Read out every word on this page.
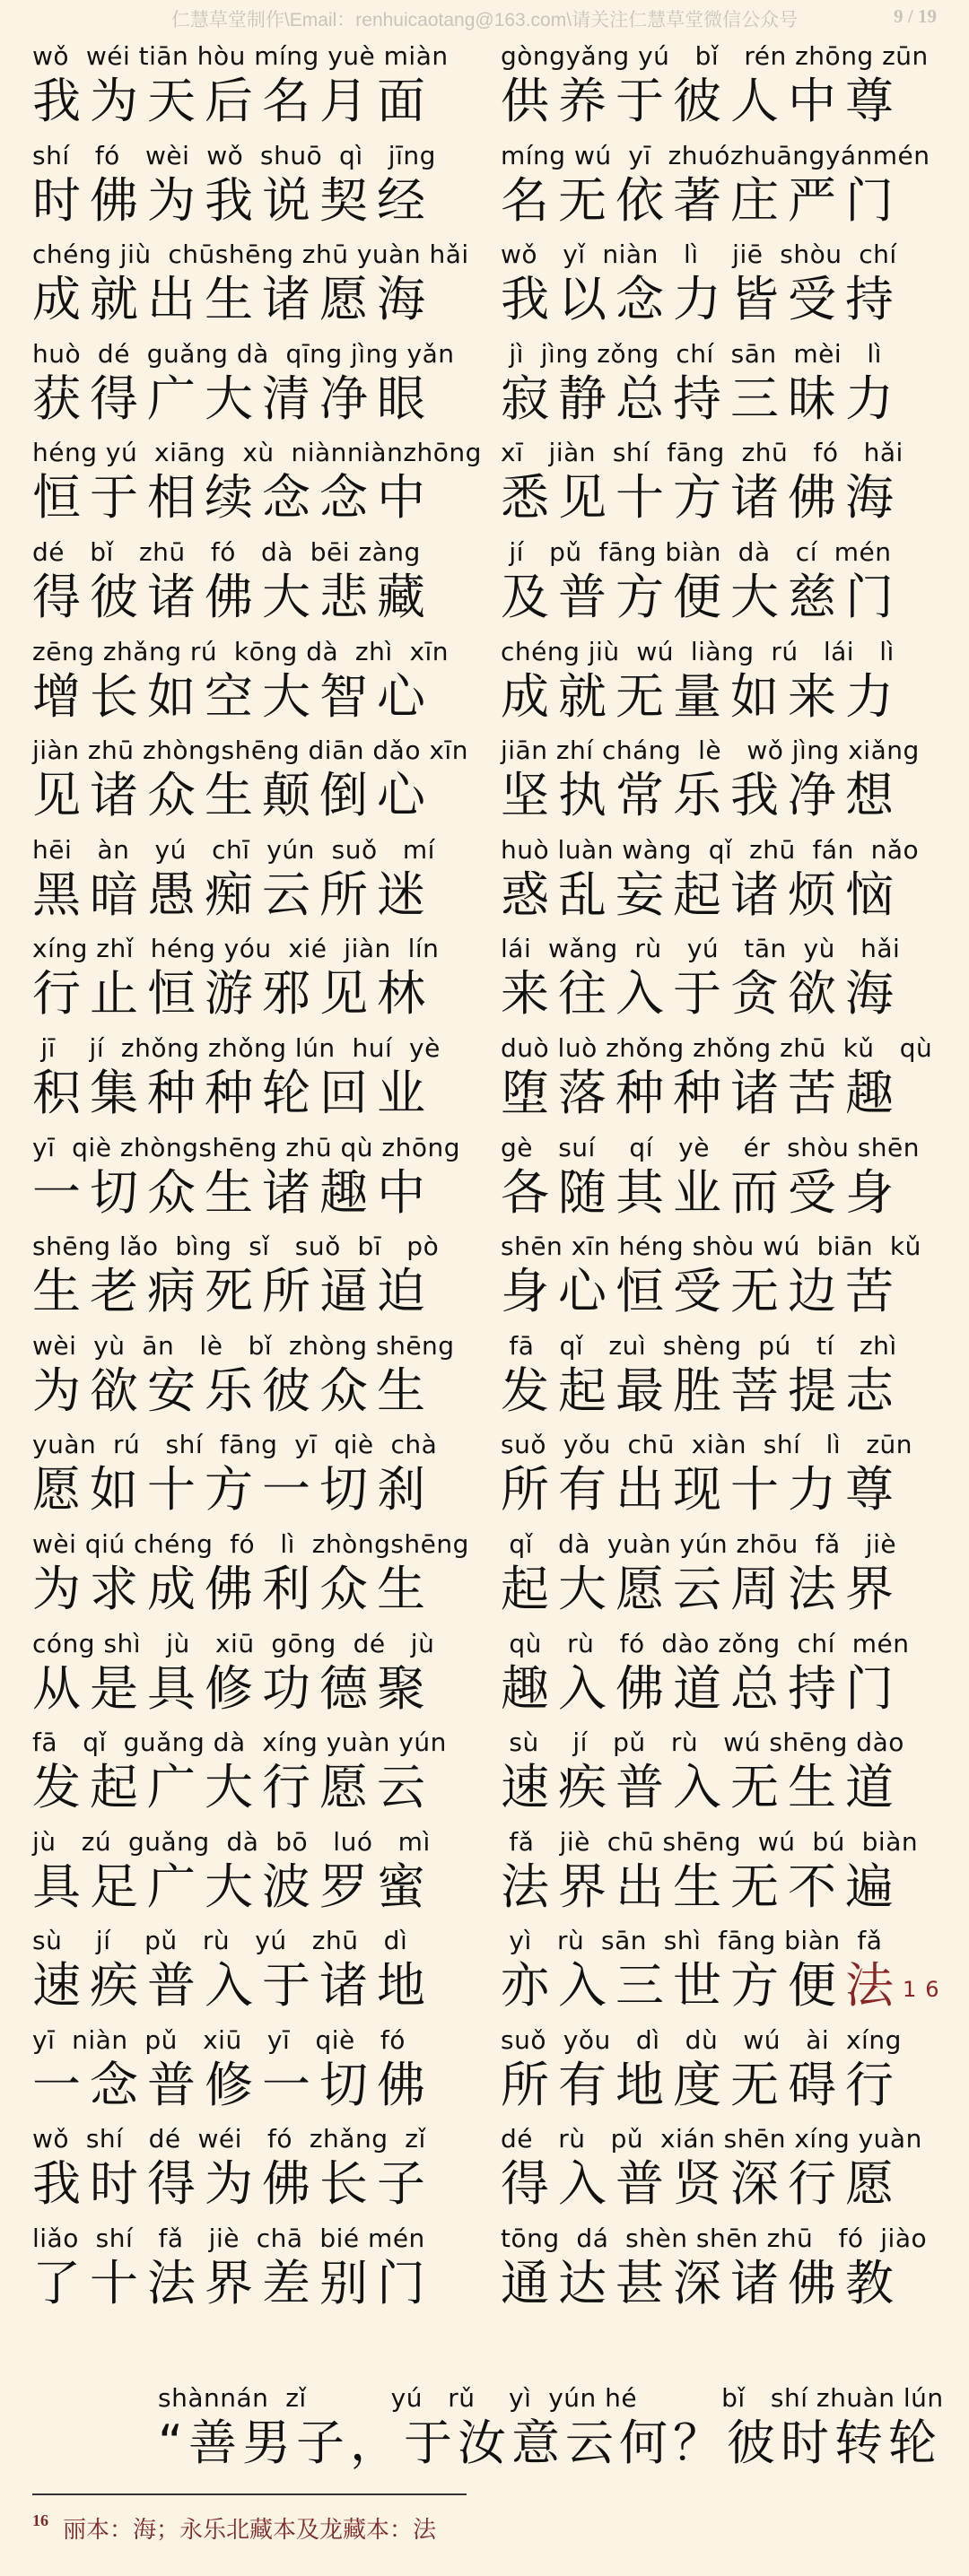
仁慧草堂制作\Email：renhuicaotang@163.com\请关注仁慧草堂微信公众号	9 / 19
wǒ  wéi tiān hòu míng yuè miàn
我为天后名月面
shí   fó   wèi  wǒ  shuō  qì   jīng
时佛为我说契经
chéng jiù  chūshēng zhū yuàn hǎi
成就出生诸愿海
huò  dé  guǎng dà  qīng jìng yǎn
获得广大清净眼
héng yú  xiāng  xù  niànniànzhōng
恒于相续念念中
dé   bǐ   zhū   fó   dà  bēi zàng
得彼诸佛大悲藏
zēng zhǎng rú  kōng dà  zhì  xīn
增长如空大智心
jiàn zhū zhòngshēng diān dǎo xīn
见诸众生颠倒心
hēi   àn   yú   chī  yún  suǒ   mí
黑暗愚痴云所迷
xíng zhǐ  héng yóu  xié  jiàn  lín
行止恒游邪见林
jī    jí  zhǒng zhǒng lún  huí  yè
积集种种轮回业
yī  qiè zhòngshēng zhū qù zhōng
一切众生诸趣中
shēng lǎo  bìng  sǐ   suǒ  bī   pò
生老病死所逼迫
wèi  yù  ān   lè   bǐ  zhòng shēng
为欲安乐彼众生
yuàn  rú   shí  fāng  yī  qiè  chà
愿如十方一切刹
wèi qiú chéng  fó   lì  zhòngshēng
为求成佛利众生
cóng shì   jù   xiū  gōng  dé   jù
从是具修功德聚
fā   qǐ  guǎng dà  xíng yuàn yún
发起广大行愿云
jù   zú  guǎng  dà  bō   luó   mì
具足广大波罗蜜
sù    jí    pǔ   rù   yú   zhū   dì
速疾普入于诸地
yī  niàn  pǔ   xiū   yī   qiè   fó
一念普修一切佛
wǒ  shí   dé  wéi   fó  zhǎng  zǐ
我时得为佛长子
liǎo  shí   fǎ   jiè  chā  bié mén
了十法界差别门
gòngyǎng yú   bǐ   rén zhōng zūn
供养于彼人中尊
míng wú  yī  zhuózhuāngyánmén
名无依著庄严门
wǒ   yǐ  niàn   lì    jiē  shòu  chí
我以念力皆受持
jì  jìng zǒng  chí  sān  mèi   lì
寂静总持三昧力
xī   jiàn  shí  fāng  zhū   fó   hǎi
悉见十方诸佛海
jí   pǔ  fāng biàn  dà   cí  mén
及普方便大慈门
chéng jiù  wú  liàng  rú   lái   lì
成就无量如来力
jiān zhí cháng  lè   wǒ jìng xiǎng
坚执常乐我净想
huò luàn wàng  qǐ  zhū  fán  nǎo
惑乱妄起诸烦恼
lái  wǎng  rù   yú   tān  yù   hǎi
来往入于贪欲海
duò luò zhǒng zhǒng zhū  kǔ   qù
堕落种种诸苦趣
gè   suí    qí   yè    ér  shòu shēn
各随其业而受身
shēn xīn héng shòu wú  biān  kǔ
身心恒受无边苦
fā   qǐ   zuì  shèng  pú   tí   zhì
发起最胜菩提志
suǒ  yǒu  chū  xiàn  shí   lì   zūn
所有出现十力尊
qǐ   dà  yuàn yún zhōu  fǎ   jiè
起大愿云周法界
qù   rù   fó  dào zǒng  chí  mén
趣入佛道总持门
sù    jí   pǔ   rù   wú shēng dào
速疾普入无生道
fǎ   jiè  chū shēng  wú  bú  biàn
法界出生无不遍
yì   rù  sān  shì  fāng biàn  fǎ
亦入三世方便法$^{16}$
suǒ  yǒu   dì   dù   wú   ài  xíng
所有地度无碍行
dé   rù   pǔ  xián shēn xíng yuàn
得入普贤深行愿
tōng  dá  shèn shēn zhū   fó  jiào
通达甚深诸佛教
shànnán  zǐ          yú   rǔ    yì  yún hé          bǐ   shí zhuàn lún
“善男子，于汝意云何？彼时转轮
$^{16}$ 丽本：海；永乐北藏本及龙藏本：法
